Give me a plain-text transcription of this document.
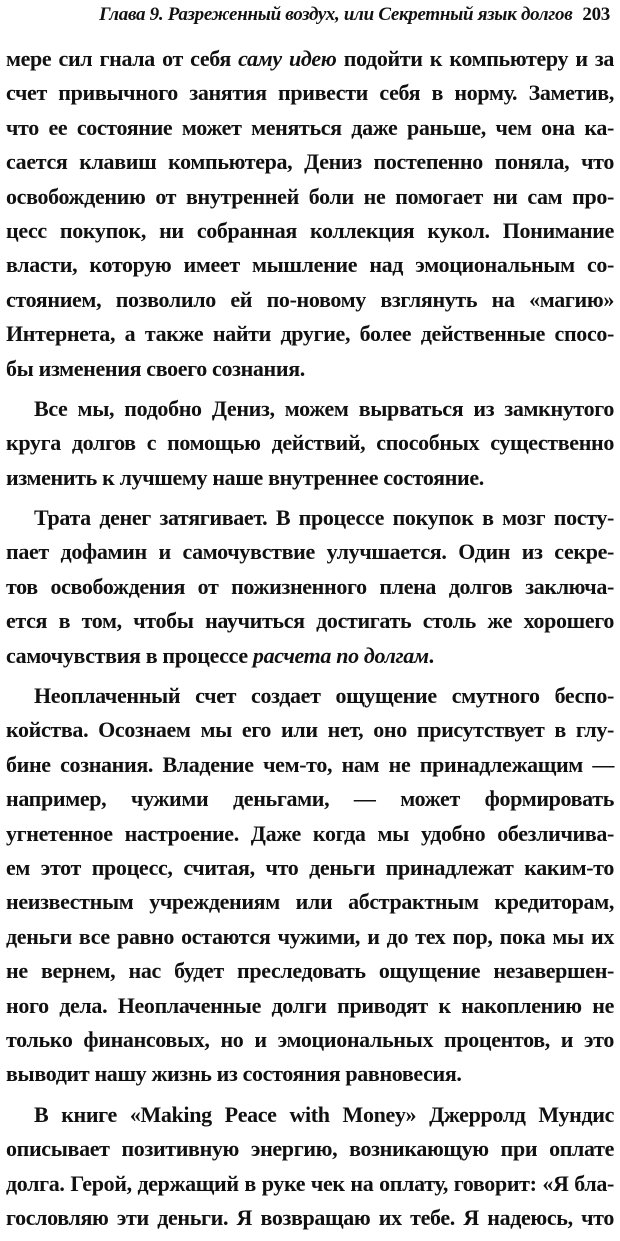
Глава 9. Разреженный воздух, или Секретный язык долгов 203
мере сил гнала от себя саму идею подойти к компьютеру и за
счет привычного занятия привести себя в норму. Заметив,
что ее состояние может меняться даже раньше, чем она ка-
сается клавиш компьютера, Дениз постепенно поняла, что
освобождению от внутренней боли не помогает ни сам про-
цесс покупок, ни собранная коллекция кукол. Понимание
власти, которую имеет мышление над эмоциональным со-
стоянием, позволило ей по-новому взглянуть на «магию»
Интернета, а также найти другие, более действенные спосо-
бы изменения своего сознания.
Все мы, подобно Дениз, можем вырваться из замкнутого
круга долгов с помощью действий, способных существенно
изменить к лучшему наше внутреннее состояние.
Трата денег затягивает. В процессе покупок в мозг посту-
пает дофамин и самочувствие улучшается. Один из секре-
тов освобождения от пожизненного плена долгов заключа-
ется в том, чтобы научиться достигать столь же хорошего
самочувствия в процессе расчета по долгам.
Неоплаченный счет создает ощущение смутного беспо-
койства. Осознаем мы его или нет, оно присутствует в глу-
бине сознания. Владение чем-то, нам не принадлежащим —
например, чужими деньгами, — может формировать
угнетенное настроение. Даже когда мы удобно обезличива-
ем этот процесс, считая, что деньги принадлежат каким-то
неизвестным учреждениям или абстрактным кредиторам,
деньги все равно остаются чужими, и до тех пор, пока мы их
не вернем, нас будет преследовать ощущение незавершен-
ного дела. Неоплаченные долги приводят к накоплению не
только финансовых, но и эмоциональных процентов, и это
выводит нашу жизнь из состояния равновесия.
В книге «Making Peace with Money» Джерролд Мундис
описывает позитивную энергию, возникающую при оплате
долга. Герой, держащий в руке чек на оплату, говорит: «Я бла-
гословляю эти деньги. Я возвращаю их тебе. Я надеюсь, что
